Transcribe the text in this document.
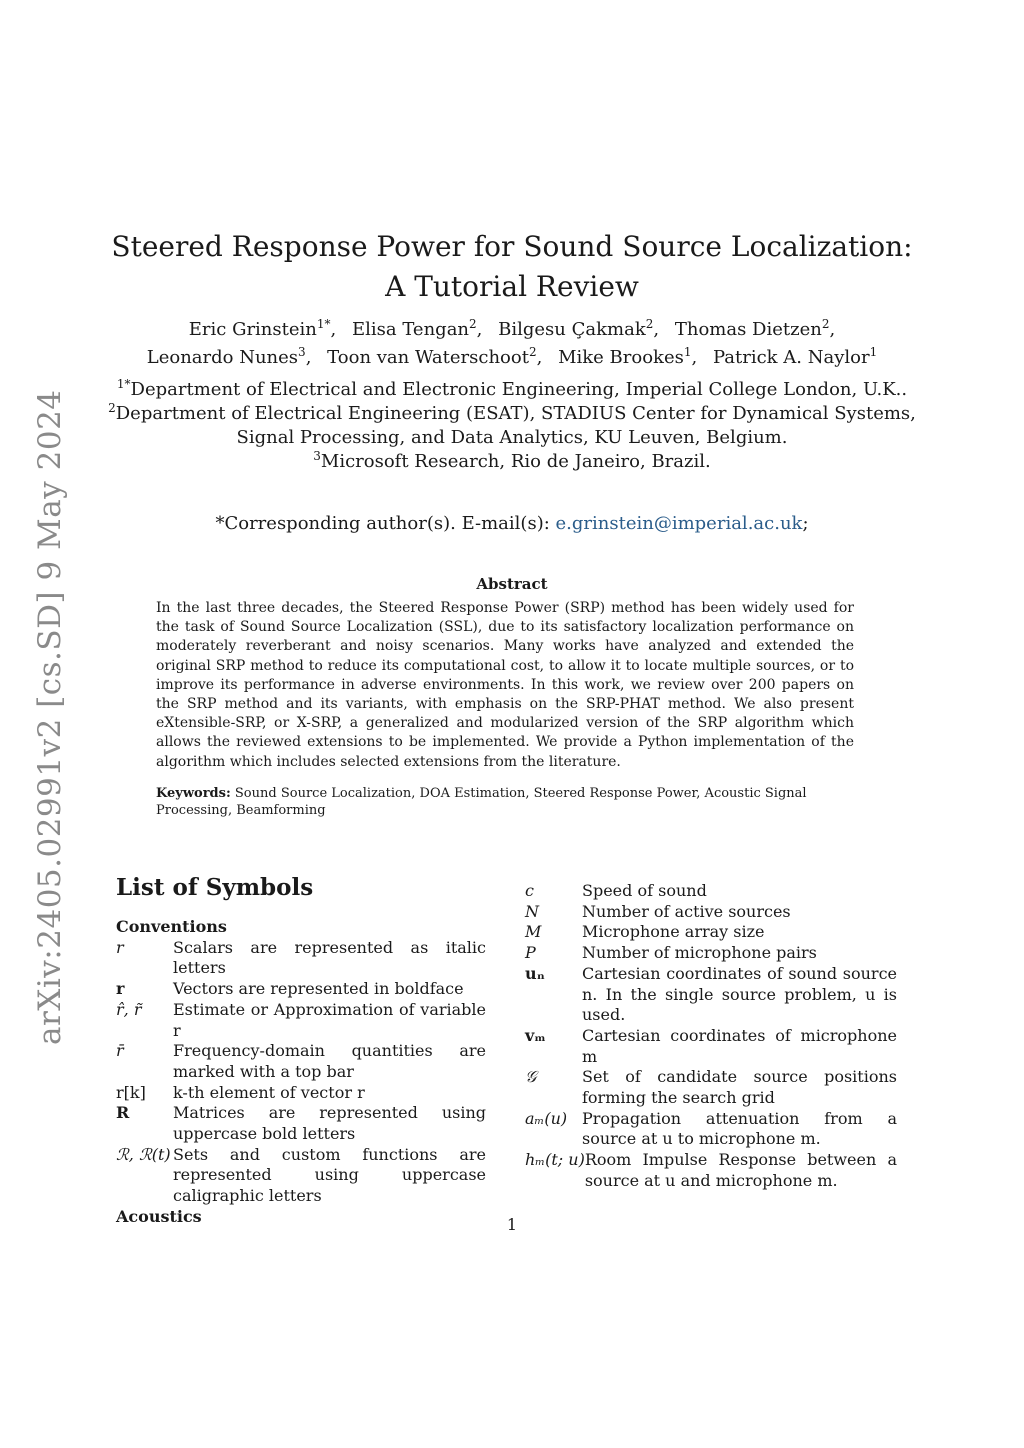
arXiv:2405.02991v2 [cs.SD] 9 May 2024
Steered Response Power for Sound Source Localization:
A Tutorial Review
Eric Grinstein$^{1*}$, Elisa Tengan$^2$, Bilgesu Çakmak$^2$, Thomas Dietzen$^2$,
Leonardo Nunes$^3$, Toon van Waterschoot$^2$, Mike Brookes$^1$, Patrick A. Naylor$^1$
$^{1*}$Department of Electrical and Electronic Engineering, Imperial College London, U.K..
$^2$Department of Electrical Engineering (ESAT), STADIUS Center for Dynamical Systems,
Signal Processing, and Data Analytics, KU Leuven, Belgium.
$^3$Microsoft Research, Rio de Janeiro, Brazil.
*Corresponding author(s). E-mail(s): e.grinstein@imperial.ac.uk;
Abstract

In the last three decades, the Steered Response Power (SRP) method has been widely used for the task of Sound Source Localization (SSL), due to its satisfactory localization performance on moderately reverberant and noisy scenarios. Many works have analyzed and extended the original SRP method to reduce its computational cost, to allow it to locate multiple sources, or to improve its performance in adverse environments. In this work, we review over 200 papers on the SRP method and its variants, with emphasis on the SRP-PHAT method. We also present eXtensible-SRP, or X-SRP, a generalized and modularized version of the SRP algorithm which allows the reviewed extensions to be implemented. We provide a Python implementation of the algorithm which includes selected extensions from the literature.

Keywords: Sound Source Localization, DOA Estimation, Steered Response Power, Acoustic Signal Processing, Beamforming

List of Symbols
Conventions
r	Scalars are represented as italic letters
r	Vectors are represented in boldface
r̂, r̃	Estimate or Approximation of variable r
r̄	Frequency-domain quantities are marked with a top bar
r[k]	k-th element of vector r
R	Matrices are represented using uppercase bold letters
ℛ, ℛ(t) Sets and custom functions are represented using uppercase caligraphic letters
Acoustics
c	Speed of sound
N	Number of active sources
M	Microphone array size
P	Number of microphone pairs
uₙ	Cartesian coordinates of sound source n. In the single source problem, u is used.
vₘ	Cartesian coordinates of microphone m
𝒢	Set of candidate source positions forming the search grid
aₘ(u) Propagation attenuation from a source at u to microphone m.
hₘ(t; u) Room Impulse Response between a source at u and microphone m.
1
